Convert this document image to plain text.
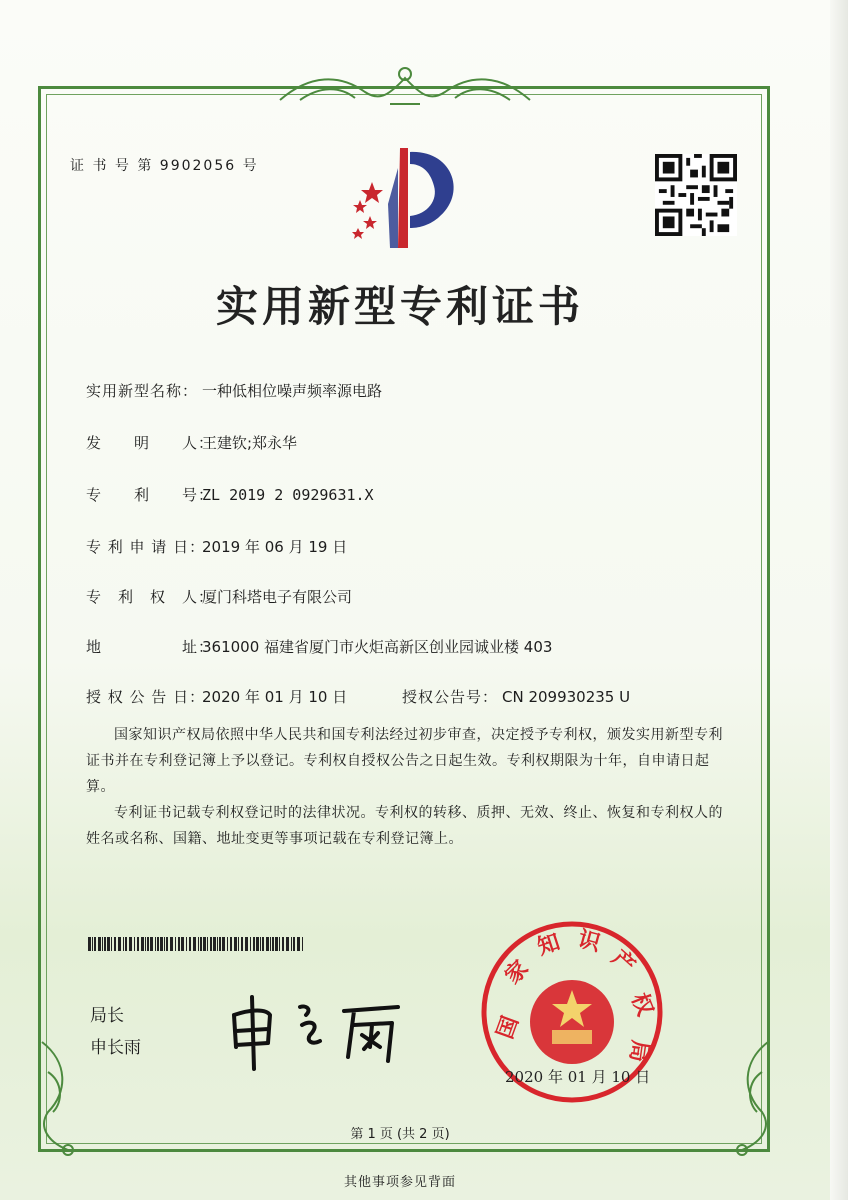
证 书 号 第 9902056 号
实用新型专利证书
实用新型名称： 一种低相位噪声频率源电路
发　　明　　人：王建钦;郑永华
专　　利　　号：ZL 2019 2 0929631.X
专 利 申 请 日：2019 年 06 月 19 日
专　利　权　人：厦门科塔电子有限公司
地　　　　　址：361000 福建省厦门市火炬高新区创业园诚业楼 403
授 权 公 告 日：2020 年 01 月 10 日	授权公告号： CN 209930235 U
国家知识产权局依照中华人民共和国专利法经过初步审查，决定授予专利权，颁发实用新型专利证书并在专利登记簿上予以登记。专利权自授权公告之日起生效。专利权期限为十年，自申请日起算。
专利证书记载专利权登记时的法律状况。专利权的转移、质押、无效、终止、恢复和专利权人的姓名或名称、国籍、地址变更等事项记载在专利登记簿上。
局长
申长雨
国
家
知 识
产
权
局
2020 年 01 月 10 日
第 1 页 (共 2 页)
其他事项参见背面
